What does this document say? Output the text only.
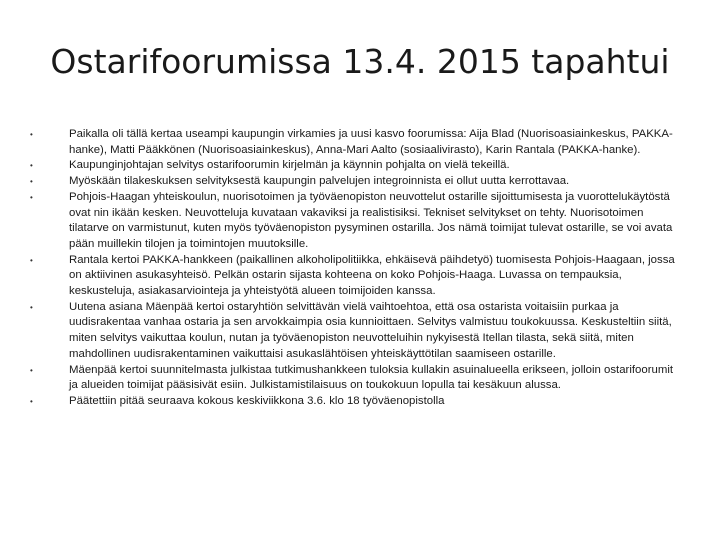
Ostarifoorumissa 13.4. 2015 tapahtui
•	Paikalla oli tällä kertaa useampi kaupungin virkamies ja uusi kasvo foorumissa: Aija Blad (Nuorisoasiainkeskus, PAKKA-hanke), Matti Pääkkönen (Nuorisoasiainkeskus), Anna-Mari Aalto (sosiaalivirasto), Karin Rantala (PAKKA-hanke).
•	Kaupunginjohtajan selvitys ostarifoorumin kirjelmän ja käynnin pohjalta on vielä tekeillä.
•	Myöskään tilakeskuksen selvityksestä kaupungin palvelujen integroinnista ei ollut uutta kerrottavaa.
•	Pohjois-Haagan yhteiskoulun, nuorisotoimen ja työväenopiston neuvottelut ostarille sijoittumisesta ja vuorottelukäytöstä ovat nin ikään kesken. Neuvotteluja kuvataan vakaviksi ja realistisiksi. Tekniset selvitykset on tehty. Nuorisotoimen tilatarve on varmistunut, kuten myös työväenopiston pysyminen ostarilla. Jos nämä toimijat tulevat ostarille, se voi avata pään muillekin tilojen ja toimintojen muutoksille.
•	Rantala kertoi PAKKA-hankkeen (paikallinen alkoholipolitiikka, ehkäisevä päihdetyö) tuomisesta Pohjois-Haagaan, jossa on aktiivinen asukasyhteisö. Pelkän ostarin sijasta kohteena on koko Pohjois-Haaga. Luvassa on tempauksia, keskusteluja, asiakasarviointeja ja yhteistyötä alueen toimijoiden kanssa.
•	Uutena asiana Mäenpää kertoi ostaryhtiön selvittävän vielä vaihtoehtoa, että osa ostarista voitaisiin purkaa ja uudisrakentaa vanhaa ostaria ja sen arvokkaimpia osia kunnioittaen. Selvitys valmistuu toukokuussa. Keskusteltiin siitä, miten selvitys vaikuttaa koulun, nutan ja työväenopiston neuvotteluihin nykyisestä Itellan tilasta, sekä siitä, miten mahdollinen uudisrakentaminen vaikuttaisi asukaslähtöisen yhteiskäyttötilan saamiseen ostarille.
•	Mäenpää kertoi suunnitelmasta julkistaa tutkimushankkeen tuloksia kullakin asuinalueella erikseen, jolloin ostarifoorumit ja alueiden toimijat pääsisivät esiin. Julkistamistilaisuus on toukokuun lopulla tai kesäkuun alussa.
•	Päätettiin pitää seuraava kokous keskiviikkona 3.6. klo 18 työväenopistolla
